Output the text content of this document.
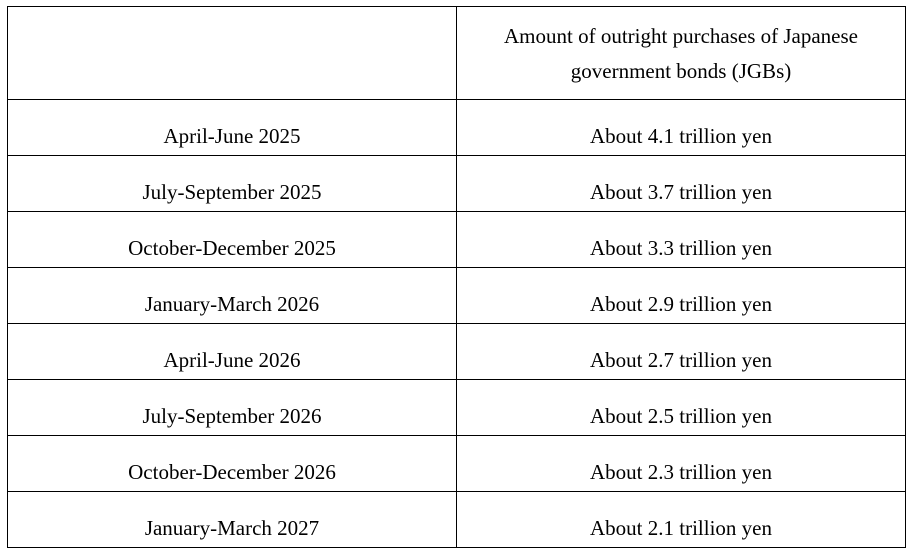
	Amount of outright purchases of Japanese
government bonds (JGBs)

April-June 2025	About 4.1 trillion yen
July-September 2025	About 3.7 trillion yen
October-December 2025	About 3.3 trillion yen
January-March 2026	About 2.9 trillion yen
April-June 2026	About 2.7 trillion yen
July-September 2026	About 2.5 trillion yen
October-December 2026	About 2.3 trillion yen
January-March 2027	About 2.1 trillion yen
